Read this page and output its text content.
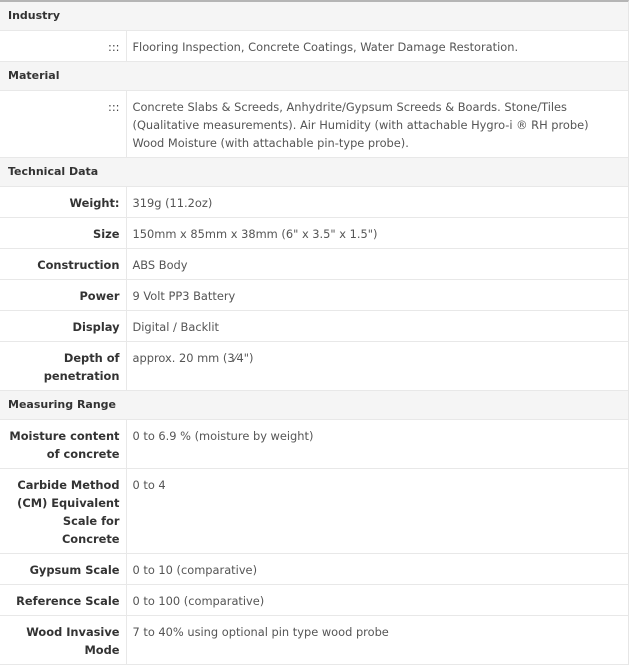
Industry	
:::	Flooring Inspection, Concrete Coatings, Water Damage Restoration.
Material	
:::	Concrete Slabs & Screeds, Anhydrite/Gypsum Screeds & Boards. Stone/Tiles (Qualitative measurements). Air Humidity (with attachable Hygro-i ® RH probe) Wood Moisture (with attachable pin-type probe).
Technical Data	
Weight:	319g (11.2oz)
Size	150mm x 85mm x 38mm (6" x 3.5" x 1.5")
Construction	ABS Body
Power	9 Volt PP3 Battery
Display	Digital / Backlit
Depth of penetration	approx. 20 mm (3⁄4")
Measuring Range	
Moisture content of concrete	0 to 6.9 % (moisture by weight)
Carbide Method (CM) Equivalent Scale for Concrete	0 to 4
Gypsum Scale	0 to 10 (comparative)
Reference Scale	0 to 100 (comparative)
Wood Invasive Mode	7 to 40% using optional pin type wood probe
